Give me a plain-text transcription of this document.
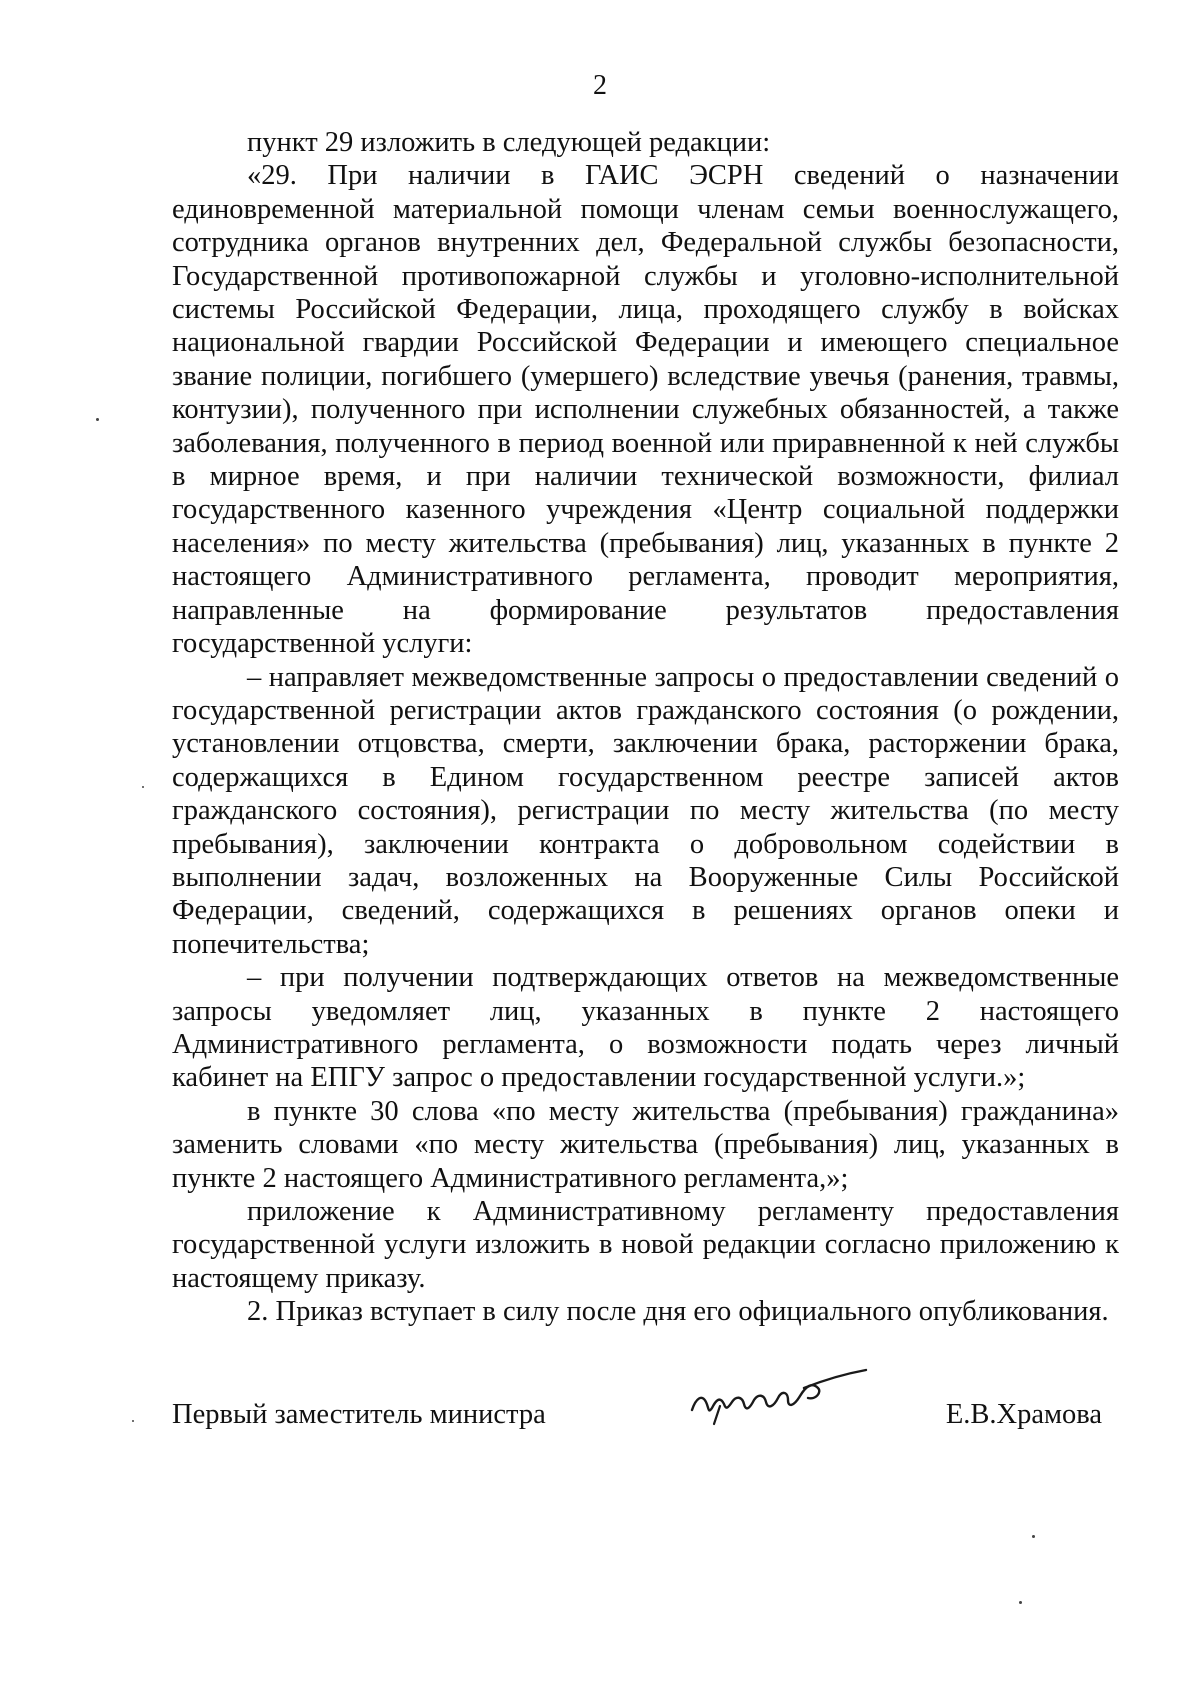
2

пункт 29 изложить в следующей редакции:

«29. При наличии в ГАИС ЭСРН сведений о назначении единовременной материальной помощи членам семьи военнослужащего, сотрудника органов внутренних дел, Федеральной службы безопасности, Государственной противопожарной службы и уголовно-исполнительной системы Российской Федерации, лица, проходящего службу в войсках национальной гвардии Российской Федерации и имеющего специальное звание полиции, погибшего (умершего) вследствие увечья (ранения, травмы, контузии), полученного при исполнении служебных обязанностей, а также заболевания, полученного в период военной или приравненной к ней службы в мирное время, и при наличии технической возможности, филиал государственного казенного учреждения «Центр социальной поддержки населения» по месту жительства (пребывания) лиц, указанных в пункте 2 настоящего Административного регламента, проводит мероприятия, направленные на формирование результатов предоставления государственной услуги:

– направляет межведомственные запросы о предоставлении сведений о государственной регистрации актов гражданского состояния (о рождении, установлении отцовства, смерти, заключении брака, расторжении брака, содержащихся в Едином государственном реестре записей актов гражданского состояния), регистрации по месту жительства (по месту пребывания), заключении контракта о добровольном содействии в выполнении задач, возложенных на Вооруженные Силы Российской Федерации, сведений, содержащихся в решениях органов опеки и попечительства;

– при получении подтверждающих ответов на межведомственные запросы уведомляет лиц, указанных в пункте 2 настоящего Административного регламента, о возможности подать через личный кабинет на ЕПГУ запрос о предоставлении государственной услуги.»;

в пункте 30 слова «по месту жительства (пребывания) гражданина» заменить словами «по месту жительства (пребывания) лиц, указанных в пункте 2 настоящего Административного регламента,»;

приложение к Административному регламенту предоставления государственной услуги изложить в новой редакции согласно приложению к настоящему приказу.

2. Приказ вступает в силу после дня его официального опубликования.

Первый заместитель министра	Е.В.Храмова
